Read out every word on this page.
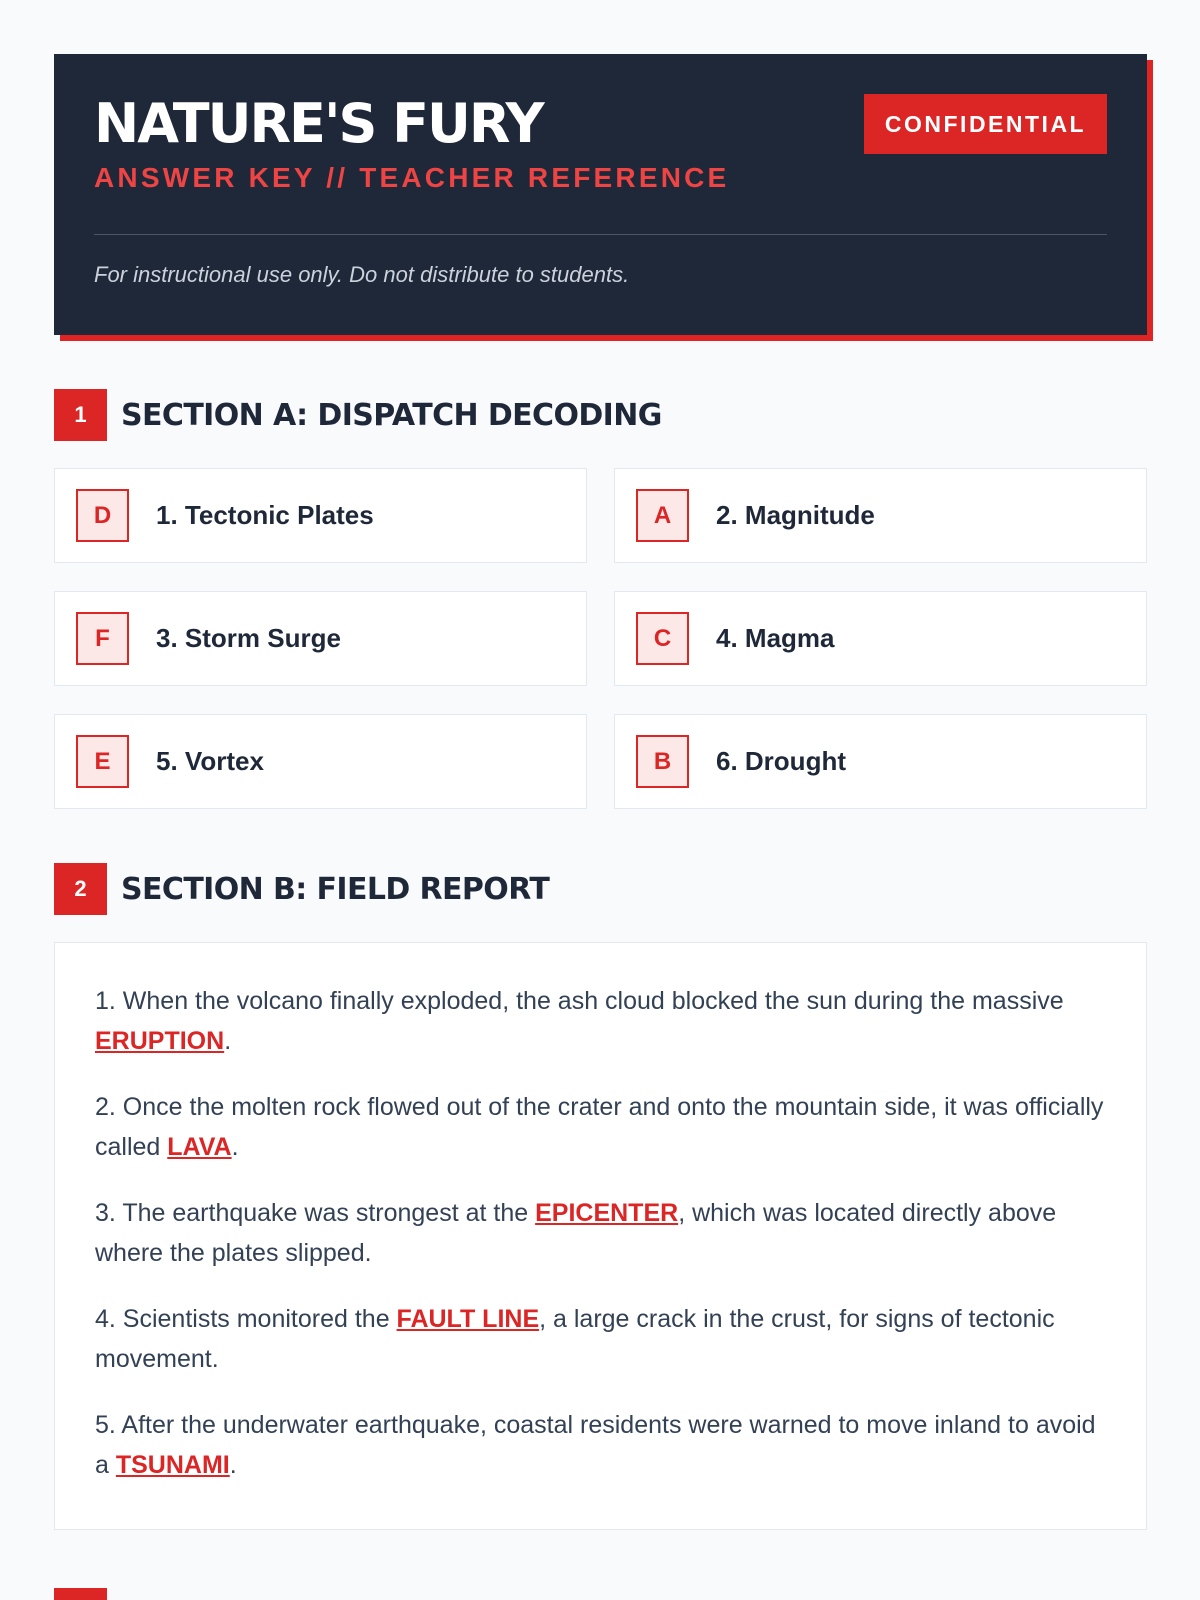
NATURE'S FURY
ANSWER KEY // TEACHER REFERENCE
CONFIDENTIAL
For instructional use only. Do not distribute to students.
1	SECTION A: DISPATCH DECODING
D	1. Tectonic Plates	A	2. Magnitude
F	3. Storm Surge	C	4. Magma
E	5. Vortex	B	6. Drought
2	SECTION B: FIELD REPORT

1. When the volcano finally exploded, the ash cloud blocked the sun during the massive ERUPTION.

2. Once the molten rock flowed out of the crater and onto the mountain side, it was officially called LAVA.

3. The earthquake was strongest at the EPICENTER, which was located directly above where the plates slipped.

4. Scientists monitored the FAULT LINE, a large crack in the crust, for signs of tectonic movement.

5. After the underwater earthquake, coastal residents were warned to move inland to avoid a TSUNAMI.
